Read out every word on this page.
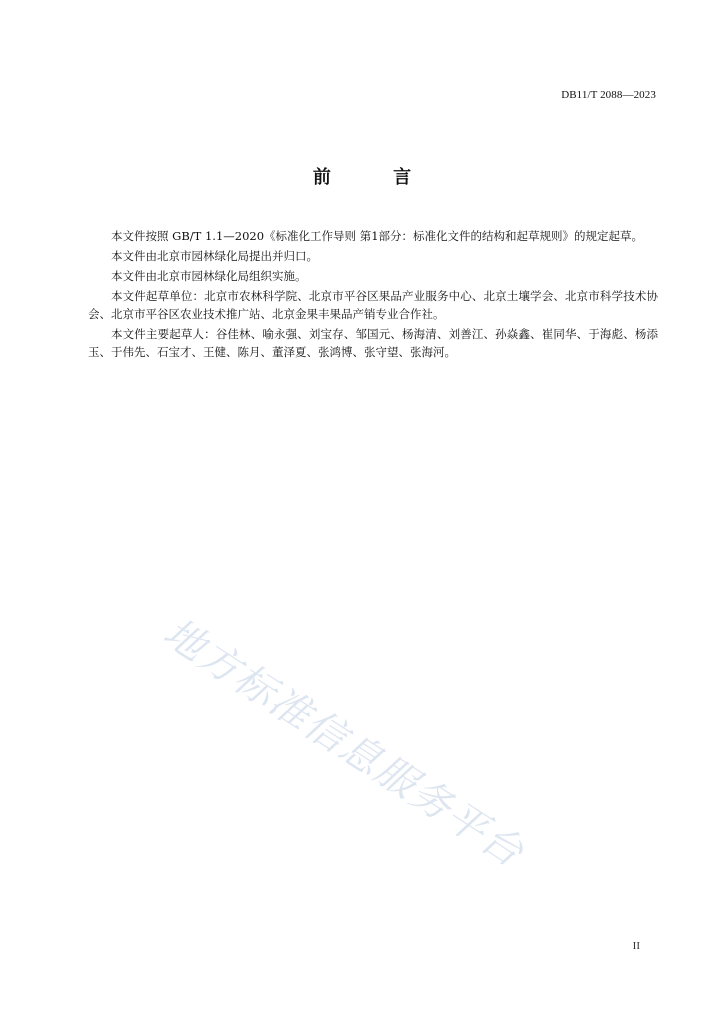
DB11/T 2088—2023
前 言

本文件按照 GB/T 1.1—2020《标准化工作导则 第1部分：标准化文件的结构和起草规则》的规定起草。

本文件由北京市园林绿化局提出并归口。

本文件由北京市园林绿化局组织实施。

本文件起草单位：北京市农林科学院、北京市平谷区果品产业服务中心、北京土壤学会、北京市科学技术协会、北京市平谷区农业技术推广站、北京金果丰果品产销专业合作社。

本文件主要起草人：谷佳林、喻永强、刘宝存、邹国元、杨海清、刘善江、孙焱鑫、崔同华、于海彪、杨添玉、于伟先、石宝才、王健、陈月、董泽夏、张鸿博、张守望、张海河。

地方标准信息服务平台
II
